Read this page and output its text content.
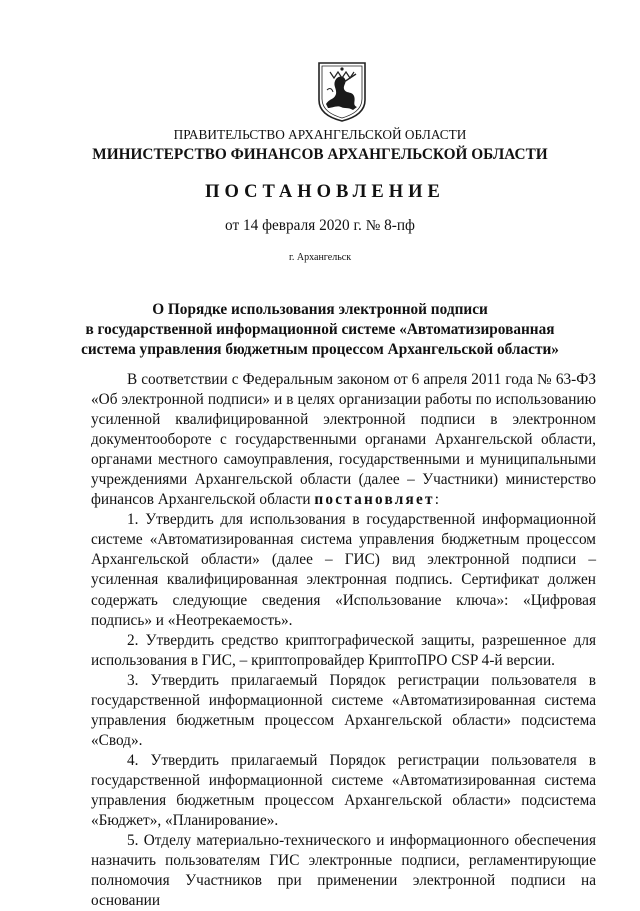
ПРАВИТЕЛЬСТВО АРХАНГЕЛЬСКОЙ ОБЛАСТИ
МИНИСТЕРСТВО ФИНАНСОВ АРХАНГЕЛЬСКОЙ ОБЛАСТИ
ПОСТАНОВЛЕНИЕ
от 14 февраля 2020 г. № 8-пф
г. Архангельск
О Порядке использования электронной подписи
в государственной информационной системе «Автоматизированная
система управления бюджетным процессом Архангельской области»

В соответствии с Федеральным законом от 6 апреля 2011 года № 63-ФЗ «Об электронной подписи» и в целях организации работы по использованию усиленной квалифицированной электронной подписи в электронном документообороте с государственными органами Архангельской области, органами местного самоуправления, государственными и муниципальными учреждениями Архангельской области (далее – Участники) министерство финансов Архангельской области постановляет:

1. Утвердить для использования в государственной информационной системе «Автоматизированная система управления бюджетным процессом Архангельской области» (далее – ГИС) вид электронной подписи – усиленная квалифицированная электронная подпись. Сертификат должен содержать следующие сведения «Использование ключа»: «Цифровая подпись» и «Неотрекаемость».

2. Утвердить средство криптографической защиты, разрешенное для использования в ГИС, – криптопровайдер КриптоПРО CSP 4-й версии.

3. Утвердить прилагаемый Порядок регистрации пользователя в государственной информационной системе «Автоматизированная система управления бюджетным процессом Архангельской области» подсистема «Свод».

4. Утвердить прилагаемый Порядок регистрации пользователя в государственной информационной системе «Автоматизированная система управления бюджетным процессом Архангельской области» подсистема «Бюджет», «Планирование».

5. Отделу материально-технического и информационного обеспечения назначить пользователям ГИС электронные подписи, регламентирующие полномочия Участников при применении электронной подписи на основании
